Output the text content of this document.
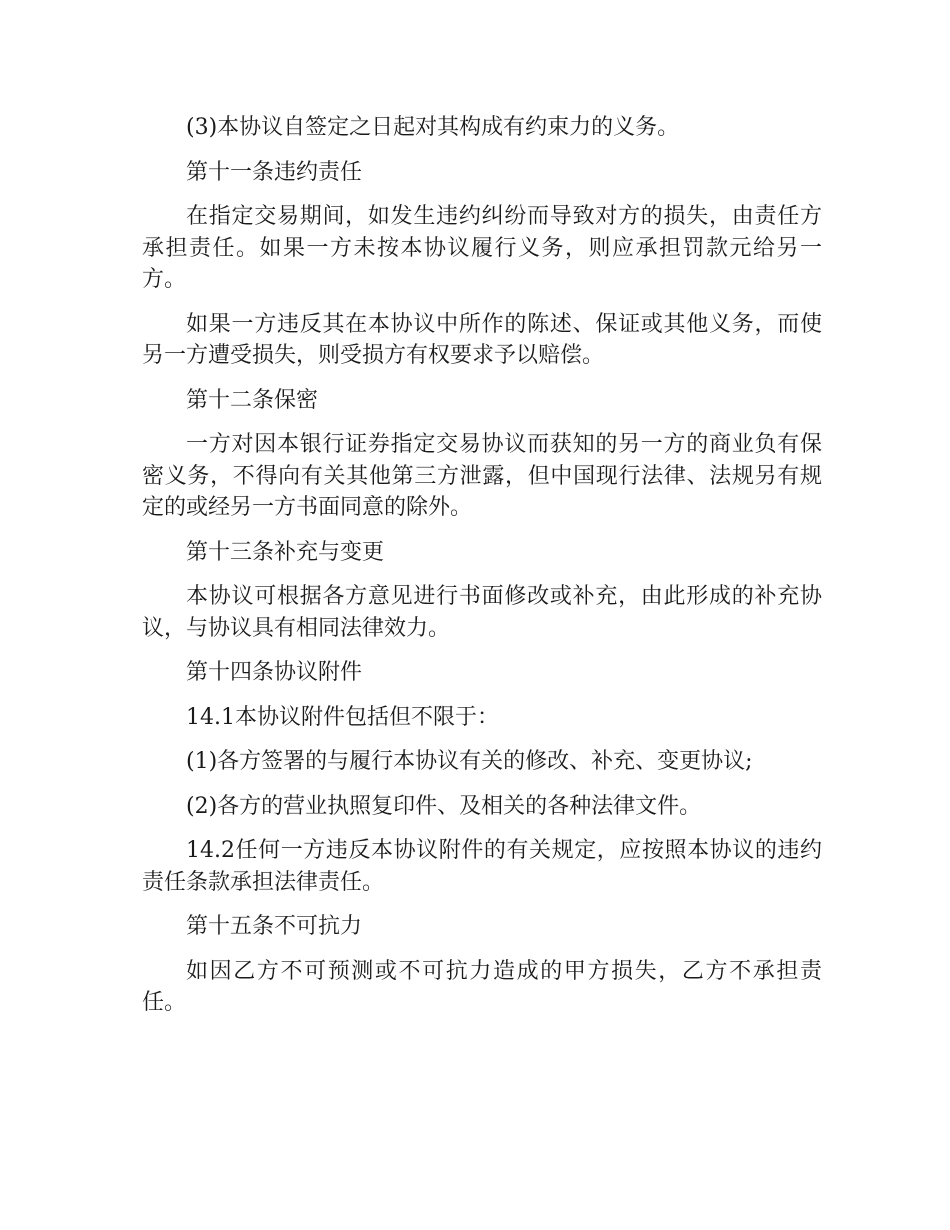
(3)本协议自签定之日起对其构成有约束力的义务。

第十一条违约责任

在指定交易期间，如发生违约纠纷而导致对方的损失，由责任方承担责任。如果一方未按本协议履行义务，则应承担罚款元给另一方。

如果一方违反其在本协议中所作的陈述、保证或其他义务，而使另一方遭受损失，则受损方有权要求予以赔偿。

第十二条保密

一方对因本银行证券指定交易协议而获知的另一方的商业负有保密义务，不得向有关其他第三方泄露，但中国现行法律、法规另有规定的或经另一方书面同意的除外。

第十三条补充与变更

本协议可根据各方意见进行书面修改或补充，由此形成的补充协议，与协议具有相同法律效力。

第十四条协议附件

14.1本协议附件包括但不限于：

(1)各方签署的与履行本协议有关的修改、补充、变更协议;

(2)各方的营业执照复印件、及相关的各种法律文件。

14.2任何一方违反本协议附件的有关规定，应按照本协议的违约责任条款承担法律责任。

第十五条不可抗力

如因乙方不可预测或不可抗力造成的甲方损失，乙方不承担责任。
